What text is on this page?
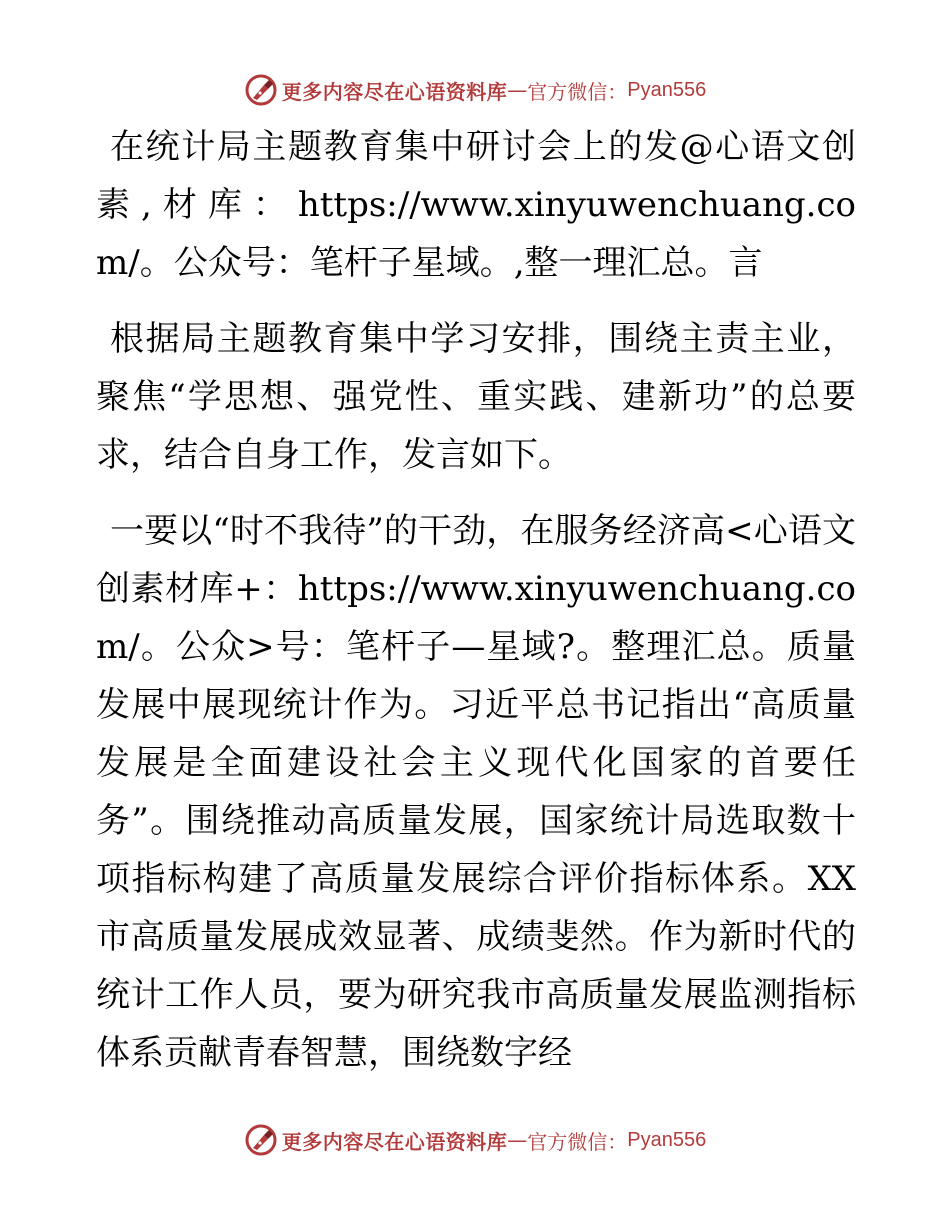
更多内容尽在心语资料库 — 官方微信： Pyan556

在统计局主题教育集中研讨会上的发@心语文创素,材库：https://www.xinyuwenchuang.com/。公众号：笔杆子星域。,整一理汇总。言

根据局主题教育集中学习安排，围绕主责主业，聚焦“学思想、强党性、重实践、建新功”的总要求，结合自身工作，发言如下。

一要以“时不我待”的干劲，在服务经济高<心语文创素材库+：https://www.xinyuwenchuang.com/。公众>号：笔杆子—星域?。整理汇总。质量发展中展现统计作为。习近平总书记指出“高质量发展是全面建设社会主义现代化国家的首要任务”。围绕推动高质量发展，国家统计局选取数十项指标构建了高质量发展综合评价指标体系。XX市高质量发展成效显著、成绩斐然。作为新时代的统计工作人员，要为研究我市高质量发展监测指标体系贡献青春智慧，围绕数字经

更多内容尽在心语资料库 — 官方微信： Pyan556
